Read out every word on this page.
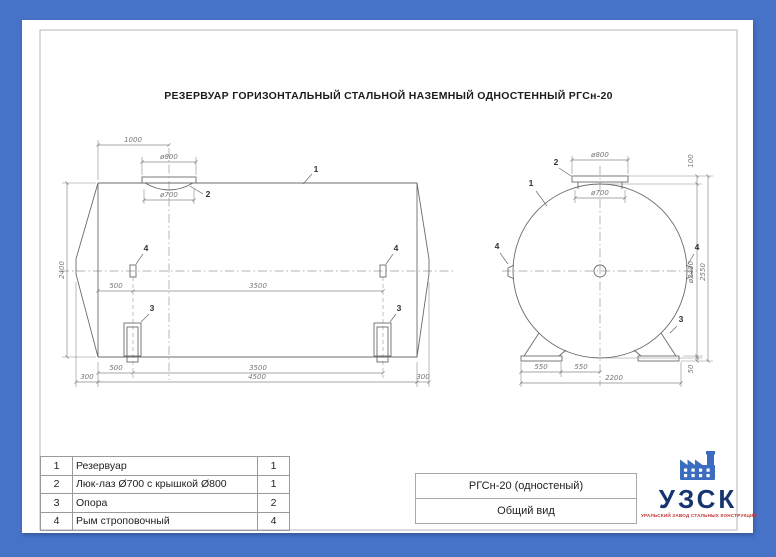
РЕЗЕРВУАР ГОРИЗОНТАЛЬНЫЙ СТАЛЬНОЙ НАЗЕМНЫЙ ОДНОСТЕННЫЙ РГСн-20
1000
ø800
ø700
2400
500	3500
500	3500
300	4500	300
1
2
4	4
3	3
ø800
ø700
100
ø2400 2550
550	550
2200
50
1
2
4	4
3
1	Резервуар	1
2	Люк-лаз Ø700 с крышкой Ø800	1
3	Опора	2
4	Рым строповочный	4
РГСн-20 (одностеный)
Общий вид	УЗСК
УРАЛЬСКИЙ ЗАВОД СТАЛЬНЫХ КОНСТРУКЦИЙ
